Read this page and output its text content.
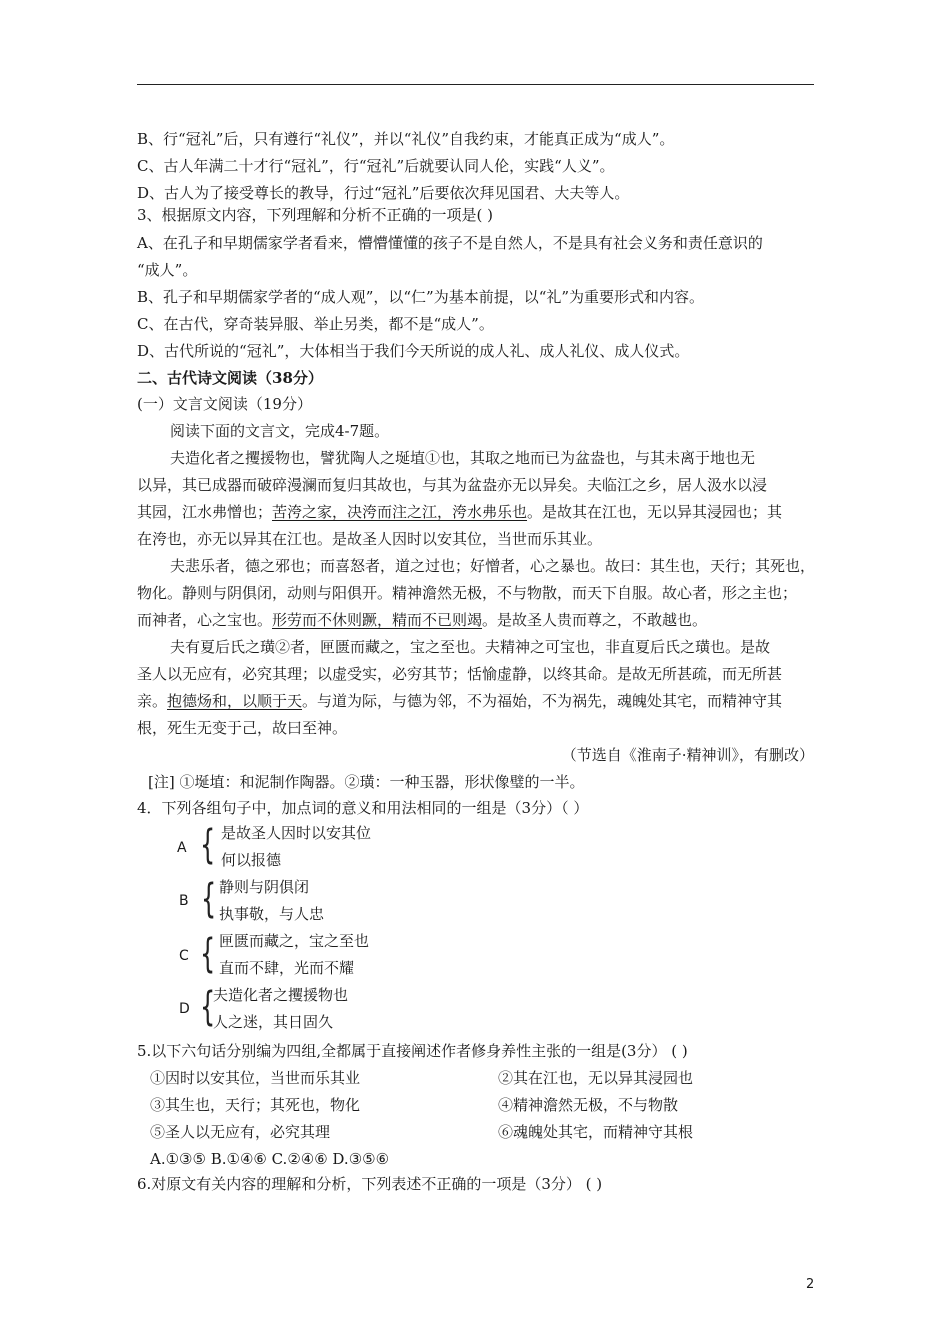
B、行“冠礼”后，只有遵行“礼仪”，并以“礼仪”自我约束，才能真正成为“成人”。
C、古人年满二十才行“冠礼”，行“冠礼”后就要认同人伦，实践“人义”。
D、古人为了接受尊长的教导，行过“冠礼”后要依次拜见国君、大夫等人。
3、根据原文内容，下列理解和分析不正确的一项是( )
A、在孔子和早期儒家学者看来，懵懵懂懂的孩子不是自然人，不是具有社会义务和责任意识的
“成人”。
B、孔子和早期儒家学者的“成人观”，以“仁”为基本前提，以“礼”为重要形式和内容。
C、在古代，穿奇装异服、举止另类，都不是“成人”。
D、古代所说的“冠礼”，大体相当于我们今天所说的成人礼、成人礼仪、成人仪式。
二、古代诗文阅读（38分）
(一）文言文阅读（19分）
阅读下面的文言文，完成4-7题。
夫造化者之攫援物也，譬犹陶人之埏埴①也，其取之地而已为盆盎也，与其未离于地也无
以异，其已成器而破碎漫澜而复归其故也，与其为盆盎亦无以异矣。夫临江之乡，居人汲水以浸
其园，江水弗憎也；苦洿之家，决洿而注之江，洿水弗乐也。是故其在江也，无以异其浸园也；其
在洿也，亦无以异其在江也。是故圣人因时以安其位，当世而乐其业。
夫悲乐者，德之邪也；而喜怒者，道之过也；好憎者，心之暴也。故曰：其生也，天行；其死也，
物化。静则与阴俱闭，动则与阳俱开。精神澹然无极，不与物散，而天下自服。故心者，形之主也；
而神者，心之宝也。形劳而不休则蹶，精而不已则竭。是故圣人贵而尊之，不敢越也。
夫有夏后氏之璜②者，匣匮而藏之，宝之至也。夫精神之可宝也，非直夏后氏之璜也。是故
圣人以无应有，必究其理；以虚受实，必穷其节；恬愉虚静，以终其命。是故无所甚疏，而无所甚
亲。抱德炀和，以顺于天。与道为际，与德为邻，不为福始，不为祸先，魂魄处其宅，而精神守其
根，死生无变于己，故曰至神。
（节选自《淮南子·精神训》，有删改）
[注] ①埏埴：和泥制作陶器。②璜：一种玉器，形状像璧的一半。
4．下列各组句子中，加点词的意义和用法相同的一组是（3分）（ ）
A { 是故圣人因时以安其位
何以报德
B { 静则与阴俱闭
执事敬，与人忠
C { 匣匮而藏之，宝之至也
直而不肆，光而不耀
D {
夫造化者之攫援物也
人之迷，其日固久
5.以下六句话分别编为四组,全都属于直接阐述作者修身养性主张的一组是(3分） ( )
①因时以安其位，当世而乐其业	②其在江也，无以异其浸园也
③其生也，天行；其死也，物化	④精神澹然无极，不与物散
⑤圣人以无应有，必究其理	⑥魂魄处其宅，而精神守其根
A.①③⑤ B.①④⑥ C.②④⑥ D.③⑤⑥
6.对原文有关内容的理解和分析，下列表述不正确的一项是（3分） ( )
2
